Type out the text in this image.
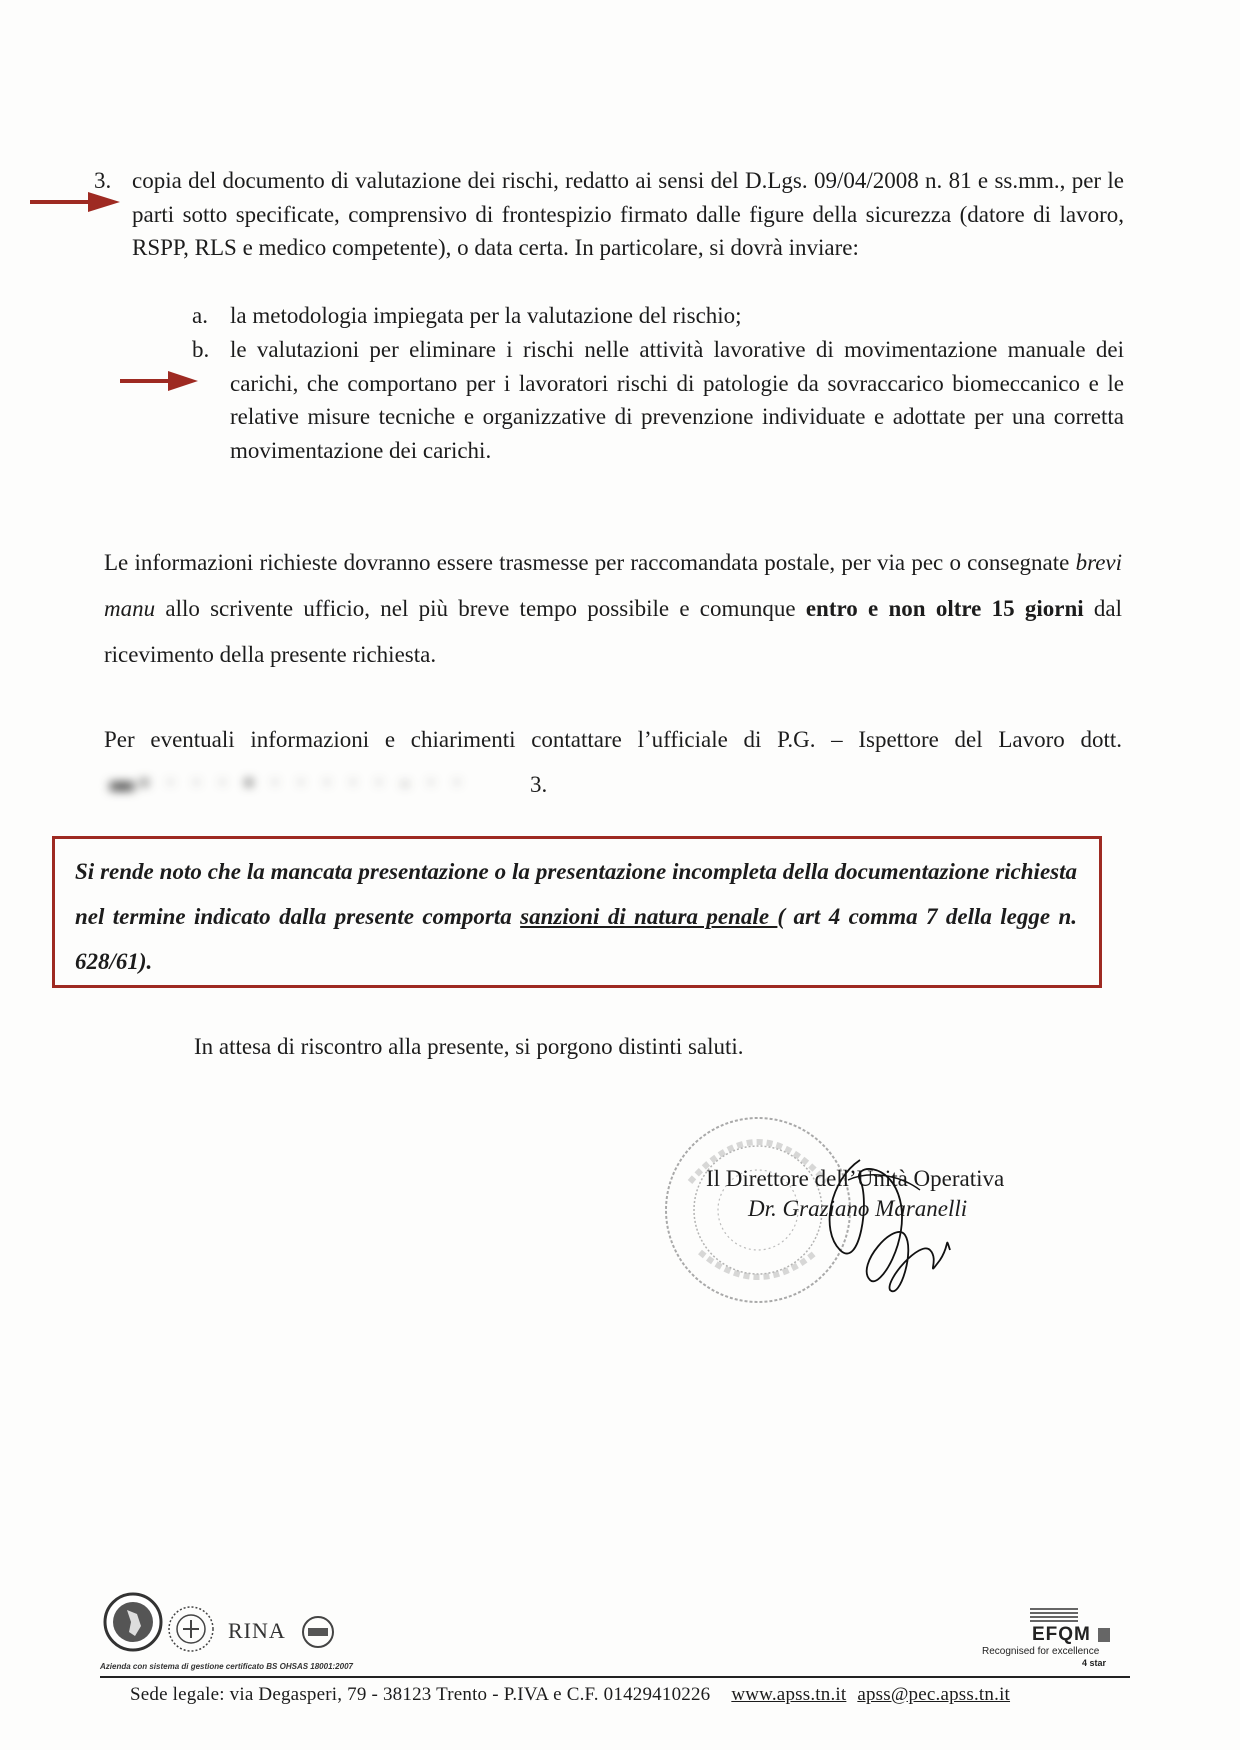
3. copia del documento di valutazione dei rischi, redatto ai sensi del D.Lgs. 09/04/2008 n. 81 e ss.mm., per le parti sotto specificate, comprensivo di frontespizio firmato dalle figure della sicurezza (datore di lavoro, RSPP, RLS e medico competente), o data certa. In particolare, si dovrà inviare:
a. la metodologia impiegata per la valutazione del rischio;
b. le valutazioni per eliminare i rischi nelle attività lavorative di movimentazione manuale dei carichi, che comportano per i lavoratori rischi di patologie da sovraccarico biomeccanico e le relative misure tecniche e organizzative di prevenzione individuate e adottate per una corretta movimentazione dei carichi.
Le informazioni richieste dovranno essere trasmesse per raccomandata postale, per via pec o consegnate brevi manu allo scrivente ufficio, nel più breve tempo possibile e comunque entro e non oltre 15 giorni dal ricevimento della presente richiesta.
Per eventuali informazioni e chiarimenti contattare l’ufficiale di P.G. – Ispettore del Lavoro dott.
▬▪ · · · ▪ · · · · · - · ·	3.
Si rende noto che la mancata presentazione o la presentazione incompleta della documentazione richiesta nel termine indicato dalla presente comporta sanzioni di natura penale ( art 4 comma 7 della legge n. 628/61).
In attesa di riscontro alla presente, si porgono distinti saluti.
Il Direttore dell’Unità Operativa
Dr. Graziano Maranelli
RINA
Azienda con sistema di gestione certificato BS OHSAS 18001:2007
EFQM
Recognised for excellence
4 star
Sede legale: via Degasperi, 79 - 38123 Trento - P.IVA e C.F. 01429410226 www.apss.tn.it apss@pec.apss.tn.it
